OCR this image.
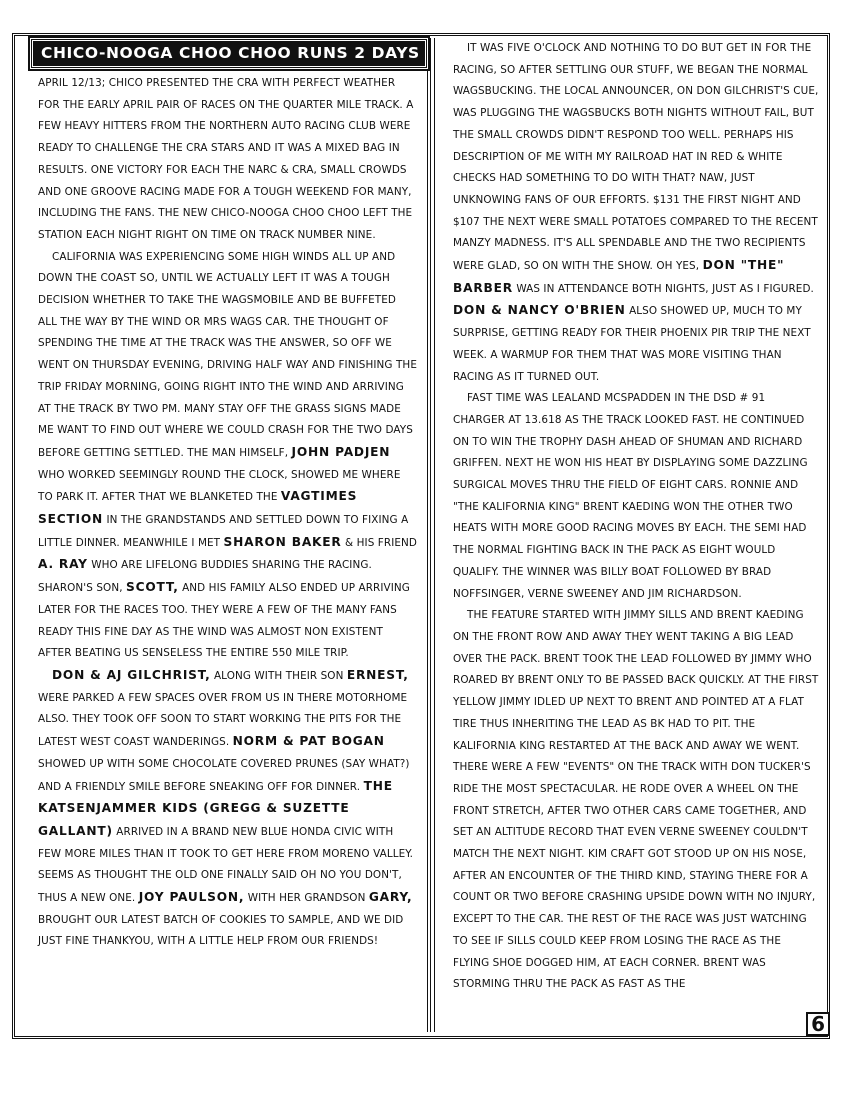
CHICO-NOOGA CHOO CHOO RUNS 2 DAYS

APRIL 12/13; CHICO PRESENTED THE CRA WITH PERFECT WEATHER FOR THE EARLY APRIL PAIR OF RACES ON THE QUARTER MILE TRACK. A FEW HEAVY HITTERS FROM THE NORTHERN AUTO RACING CLUB WERE READY TO CHALLENGE THE CRA STARS AND IT WAS A MIXED BAG IN RESULTS. ONE VICTORY FOR EACH THE NARC & CRA, SMALL CROWDS AND ONE GROOVE RACING MADE FOR A TOUGH WEEKEND FOR MANY, INCLUDING THE FANS. THE NEW CHICO-NOOGA CHOO CHOO LEFT THE STATION EACH NIGHT RIGHT ON TIME ON TRACK NUMBER NINE.

CALIFORNIA WAS EXPERIENCING SOME HIGH WINDS ALL UP AND DOWN THE COAST SO, UNTIL WE ACTUALLY LEFT IT WAS A TOUGH DECISION WHETHER TO TAKE THE WAGSMOBILE AND BE BUFFETED ALL THE WAY BY THE WIND OR MRS WAGS CAR. THE THOUGHT OF SPENDING THE TIME AT THE TRACK WAS THE ANSWER, SO OFF WE WENT ON THURSDAY EVENING, DRIVING HALF WAY AND FINISHING THE TRIP FRIDAY MORNING, GOING RIGHT INTO THE WIND AND ARRIVING AT THE TRACK BY TWO PM. MANY STAY OFF THE GRASS SIGNS MADE ME WANT TO FIND OUT WHERE WE COULD CRASH FOR THE TWO DAYS BEFORE GETTING SETTLED. THE MAN HIMSELF, JOHN PADJEN WHO WORKED SEEMINGLY ROUND THE CLOCK, SHOWED ME WHERE TO PARK IT. AFTER THAT WE BLANKETED THE VAGTIMES SECTION IN THE GRANDSTANDS AND SETTLED DOWN TO FIXING A LITTLE DINNER. MEANWHILE I MET SHARON BAKER & HIS FRIEND A. RAY WHO ARE LIFELONG BUDDIES SHARING THE RACING. SHARON'S SON, SCOTT, AND HIS FAMILY ALSO ENDED UP ARRIVING LATER FOR THE RACES TOO. THEY WERE A FEW OF THE MANY FANS READY THIS FINE DAY AS THE WIND WAS ALMOST NON EXISTENT AFTER BEATING US SENSELESS THE ENTIRE 550 MILE TRIP.

DON & AJ GILCHRIST, ALONG WITH THEIR SON ERNEST, WERE PARKED A FEW SPACES OVER FROM US IN THERE MOTORHOME ALSO. THEY TOOK OFF SOON TO START WORKING THE PITS FOR THE LATEST WEST COAST WANDERINGS. NORM & PAT BOGAN SHOWED UP WITH SOME CHOCOLATE COVERED PRUNES (SAY WHAT?) AND A FRIENDLY SMILE BEFORE SNEAKING OFF FOR DINNER. THE KATSENJAMMER KIDS (GREGG & SUZETTE GALLANT) ARRIVED IN A BRAND NEW BLUE HONDA CIVIC WITH FEW MORE MILES THAN IT TOOK TO GET HERE FROM MORENO VALLEY. SEEMS AS THOUGHT THE OLD ONE FINALLY SAID OH NO YOU DON'T, THUS A NEW ONE. JOY PAULSON, WITH HER GRANDSON GARY, BROUGHT OUR LATEST BATCH OF COOKIES TO SAMPLE, AND WE DID JUST FINE THANKYOU, WITH A LITTLE HELP FROM OUR FRIENDS!

IT WAS FIVE O'CLOCK AND NOTHING TO DO BUT GET IN FOR THE RACING, SO AFTER SETTLING OUR STUFF, WE BEGAN THE NORMAL WAGSBUCKING. THE LOCAL ANNOUNCER, ON DON GILCHRIST'S CUE, WAS PLUGGING THE WAGSBUCKS BOTH NIGHTS WITHOUT FAIL, BUT THE SMALL CROWDS DIDN'T RESPOND TOO WELL. PERHAPS HIS DESCRIPTION OF ME WITH MY RAILROAD HAT IN RED & WHITE CHECKS HAD SOMETHING TO DO WITH THAT? NAW, JUST UNKNOWING FANS OF OUR EFFORTS. $131 THE FIRST NIGHT AND $107 THE NEXT WERE SMALL POTATOES COMPARED TO THE RECENT MANZY MADNESS. IT'S ALL SPENDABLE AND THE TWO RECIPIENTS WERE GLAD, SO ON WITH THE SHOW. OH YES, DON "THE" BARBER WAS IN ATTENDANCE BOTH NIGHTS, JUST AS I FIGURED. DON & NANCY O'BRIEN ALSO SHOWED UP, MUCH TO MY SURPRISE, GETTING READY FOR THEIR PHOENIX PIR TRIP THE NEXT WEEK. A WARMUP FOR THEM THAT WAS MORE VISITING THAN RACING AS IT TURNED OUT.

FAST TIME WAS LEALAND MCSPADDEN IN THE DSD # 91 CHARGER AT 13.618 AS THE TRACK LOOKED FAST. HE CONTINUED ON TO WIN THE TROPHY DASH AHEAD OF SHUMAN AND RICHARD GRIFFEN. NEXT HE WON HIS HEAT BY DISPLAYING SOME DAZZLING SURGICAL MOVES THRU THE FIELD OF EIGHT CARS. RONNIE AND "THE KALIFORNIA KING" BRENT KAEDING WON THE OTHER TWO HEATS WITH MORE GOOD RACING MOVES BY EACH. THE SEMI HAD THE NORMAL FIGHTING BACK IN THE PACK AS EIGHT WOULD QUALIFY. THE WINNER WAS BILLY BOAT FOLLOWED BY BRAD NOFFSINGER, VERNE SWEENEY AND JIM RICHARDSON.

THE FEATURE STARTED WITH JIMMY SILLS AND BRENT KAEDING ON THE FRONT ROW AND AWAY THEY WENT TAKING A BIG LEAD OVER THE PACK. BRENT TOOK THE LEAD FOLLOWED BY JIMMY WHO ROARED BY BRENT ONLY TO BE PASSED BACK QUICKLY. AT THE FIRST YELLOW JIMMY IDLED UP NEXT TO BRENT AND POINTED AT A FLAT TIRE THUS INHERITING THE LEAD AS BK HAD TO PIT. THE KALIFORNIA KING RESTARTED AT THE BACK AND AWAY WE WENT. THERE WERE A FEW "EVENTS" ON THE TRACK WITH DON TUCKER'S RIDE THE MOST SPECTACULAR. HE RODE OVER A WHEEL ON THE FRONT STRETCH, AFTER TWO OTHER CARS CAME TOGETHER, AND SET AN ALTITUDE RECORD THAT EVEN VERNE SWEENEY COULDN'T MATCH THE NEXT NIGHT. KIM CRAFT GOT STOOD UP ON HIS NOSE, AFTER AN ENCOUNTER OF THE THIRD KIND, STAYING THERE FOR A COUNT OR TWO BEFORE CRASHING UPSIDE DOWN WITH NO INJURY, EXCEPT TO THE CAR. THE REST OF THE RACE WAS JUST WATCHING TO SEE IF SILLS COULD KEEP FROM LOSING THE RACE AS THE FLYING SHOE DOGGED HIM, AT EACH CORNER. BRENT WAS STORMING THRU THE PACK AS FAST AS THE

6
